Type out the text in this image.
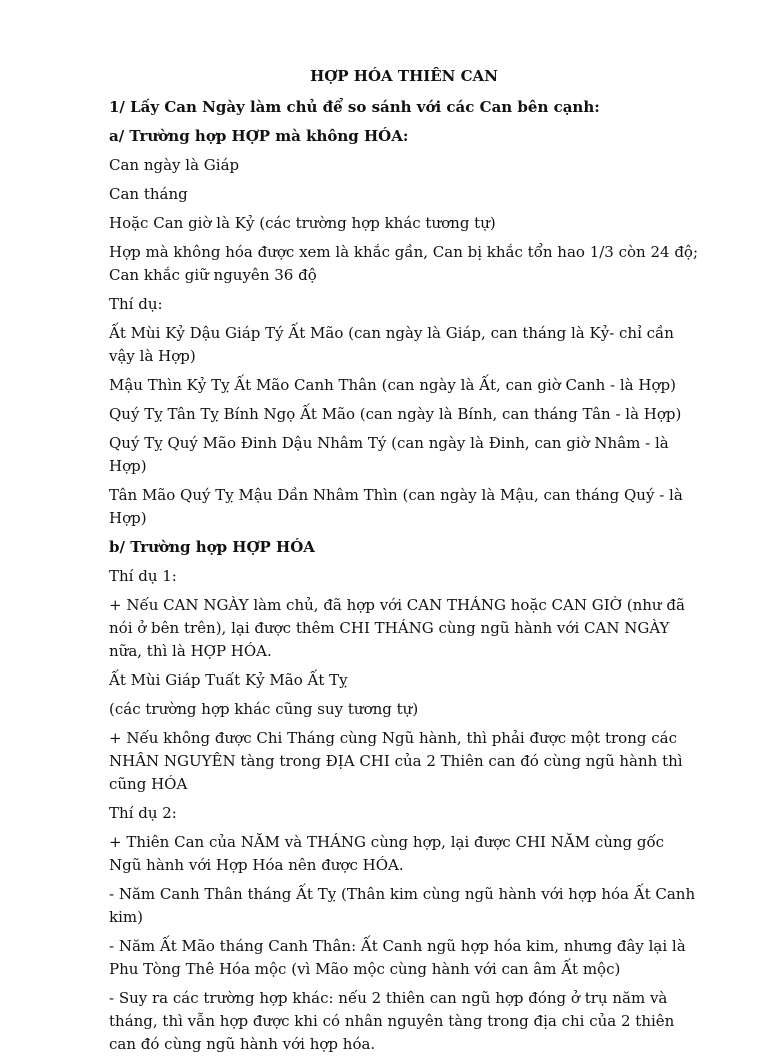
HỢP HÓA THIÊN CAN
1/ Lấy Can Ngày làm chủ để so sánh với các Can bên cạnh:
a/ Trường hợp HỢP mà không HÓA:
Can ngày là Giáp
Can tháng
Hoặc Can giờ là Kỷ (các trường hợp khác tương tự)
Hợp mà không hóa được xem là khắc gần, Can bị khắc tổn hao 1/3 còn 24 độ; Can khắc giữ nguyên 36 độ
Thí dụ:
Ất Mùi Kỷ Dậu Giáp Tý Ất Mão (can ngày là Giáp, can tháng là Kỷ- chỉ cần vậy là Hợp)
Mậu Thìn Kỷ Tỵ Ất Mão Canh Thân (can ngày là Ất, can giờ Canh - là Hợp)
Quý Tỵ Tân Tỵ Bính Ngọ Ất Mão (can ngày là Bính, can tháng Tân - là Hợp)
Quý Tỵ Quý Mão Đinh Dậu Nhâm Tý (can ngày là Đinh, can giờ Nhâm - là Hợp)
Tân Mão Quý Tỵ Mậu Dần Nhâm Thìn (can ngày là Mậu, can tháng Quý - là Hợp)
b/ Trường hợp HỢP HÓA
Thí dụ 1:
+ Nếu CAN NGÀY làm chủ, đã hợp với CAN THÁNG hoặc CAN GIỜ (như đã nói ở bên trên), lại được thêm CHI THÁNG cùng ngũ hành với CAN NGÀY nữa, thì là HỢP HÓA.
Ất Mùi Giáp Tuất Kỷ Mão Ất Tỵ
(các trường hợp khác cũng suy tương tự)
+ Nếu không được Chi Tháng cùng Ngũ hành, thì phải được một trong các NHÂN NGUYÊN tàng trong ĐỊA CHI của 2 Thiên can đó cùng ngũ hành thì cũng HÓA
Thí dụ 2:
+ Thiên Can của NĂM và THÁNG cùng hợp, lại được CHI NĂM cùng gốc Ngũ hành với Hợp Hóa nên được HÓA.
- Năm Canh Thân tháng Ất Tỵ (Thân kim cùng ngũ hành với hợp hóa Ất Canh kim)
- Năm Ất Mão tháng Canh Thân: Ất Canh ngũ hợp hóa kim, nhưng đây lại là Phu Tòng Thê Hóa mộc (vì Mão mộc cùng hành với can âm Ất mộc)
- Suy ra các trường hợp khác: nếu 2 thiên can ngũ hợp đóng ở trụ năm và tháng, thì vẫn hợp được khi có nhân nguyên tàng trong địa chi của 2 thiên can đó cùng ngũ hành với hợp hóa.
